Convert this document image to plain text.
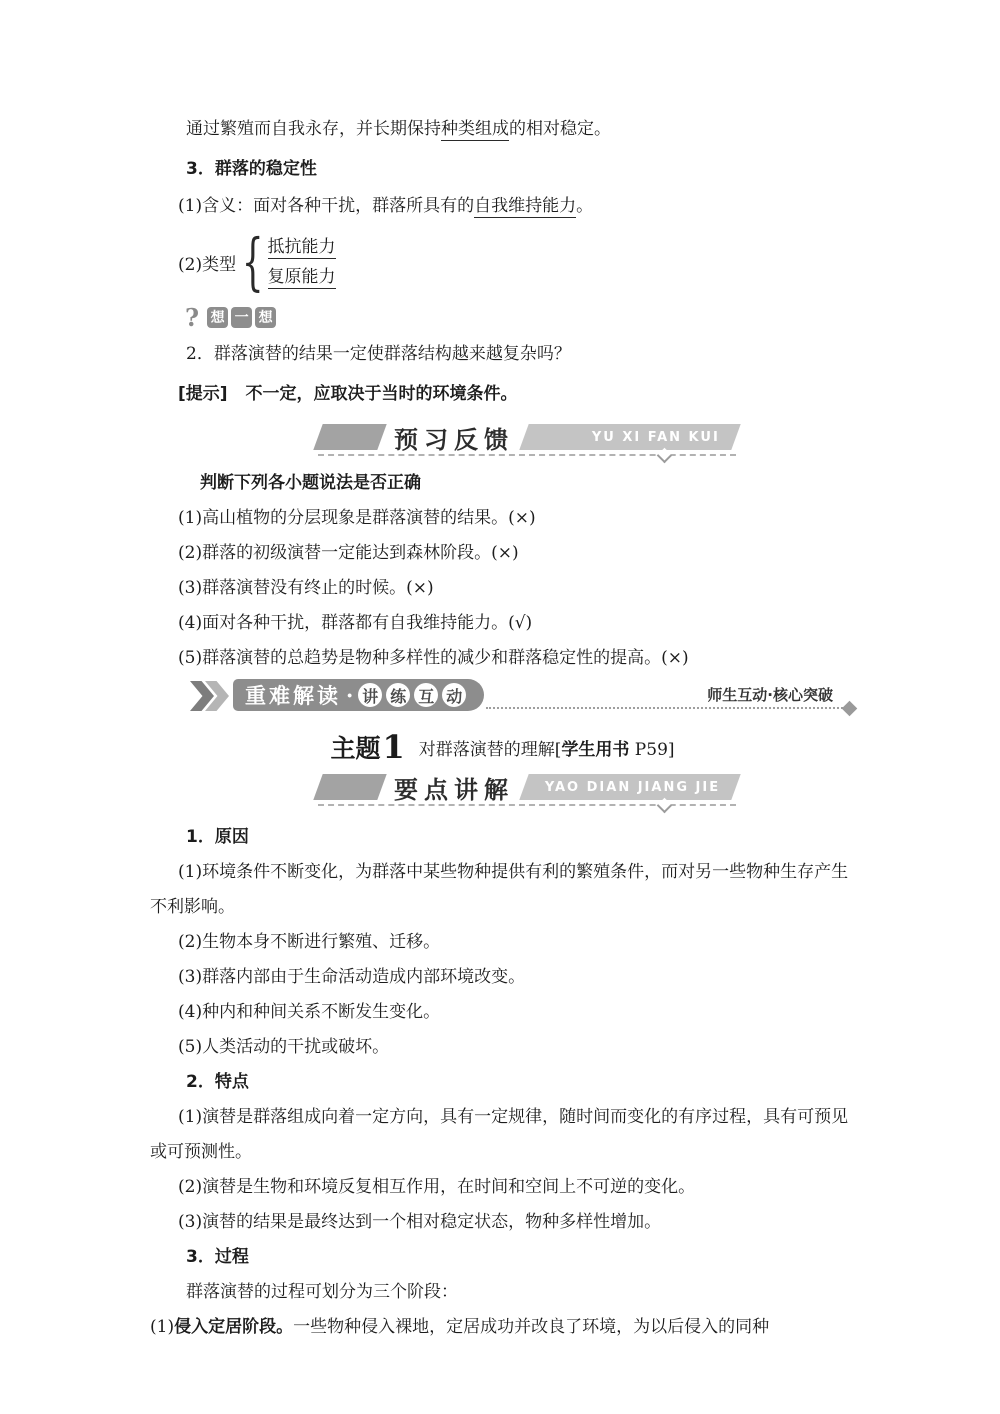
通过繁殖而自我永存，并长期保持种类组成的相对稳定。

3．群落的稳定性

(1)含义：面对各种干扰，群落所具有的自我维持能力。

(2)类型 { 抵抗能力
复原能力
? 想 一 想

2．群落演替的结果一定使群落结构越来越复杂吗？

[提示] 不一定，应取决于当时的环境条件。

预习反馈	YU XI FAN KUI

判断下列各小题说法是否正确

(1)高山植物的分层现象是群落演替的结果。(×)

(2)群落的初级演替一定能达到森林阶段。(×)

(3)群落演替没有终止的时候。(×)

(4)面对各种干扰，群落都有自我维持能力。(√)

(5)群落演替的总趋势是物种多样性的减少和群落稳定性的提高。(×)

重难解读 · 讲 练 互 动	师生互动·核心突破
主题1 对群落演替的理解[学生用书 P59]
要点讲解 YAO DIAN JIANG JIE

1．原因

(1)环境条件不断变化，为群落中某些物种提供有利的繁殖条件，而对另一些物种生存产生不利影响。

(2)生物本身不断进行繁殖、迁移。

(3)群落内部由于生命活动造成内部环境改变。

(4)种内和种间关系不断发生变化。

(5)人类活动的干扰或破坏。

2．特点

(1)演替是群落组成向着一定方向，具有一定规律，随时间而变化的有序过程，具有可预见或可预测性。

(2)演替是生物和环境反复相互作用，在时间和空间上不可逆的变化。

(3)演替的结果是最终达到一个相对稳定状态，物种多样性增加。

3．过程

群落演替的过程可划分为三个阶段：

(1)侵入定居阶段。一些物种侵入裸地，定居成功并改良了环境，为以后侵入的同种
